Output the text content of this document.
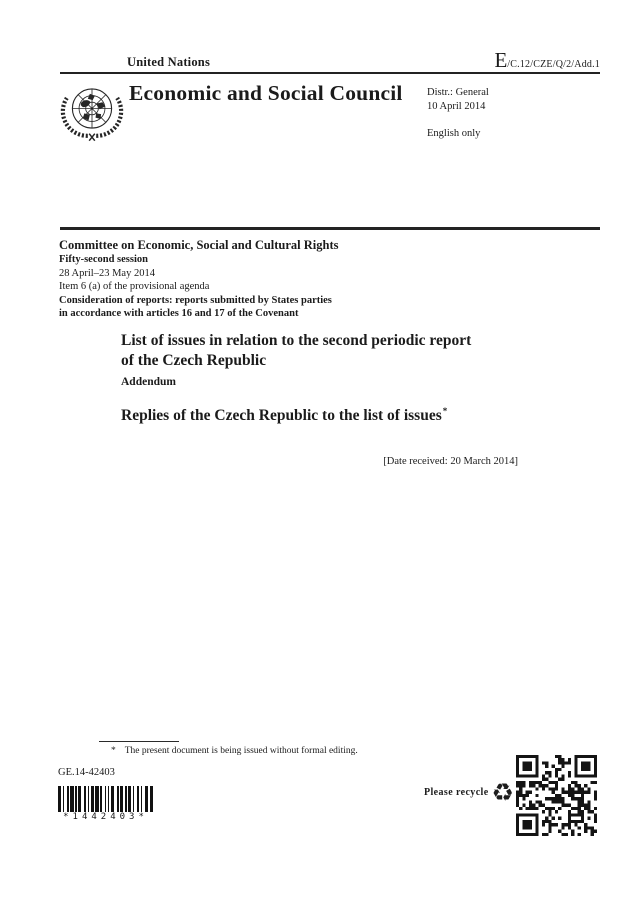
United Nations	E/C.12/CZE/Q/2/Add.1
Economic and Social Council Distr.: General
10 April 2014
English only
Committee on Economic, Social and Cultural Rights
Fifty-second session
28 April–23 May 2014
Item 6 (a) of the provisional agenda
Consideration of reports: reports submitted by States parties
in accordance with articles 16 and 17 of the Covenant
List of issues in relation to the second periodic report
of the Czech Republic
Addendum
Replies of the Czech Republic to the list of issues*
[Date received: 20 March 2014]
* The present document is being issued without formal editing.
GE.14-42403
*1442403*
Please recycle ♻
